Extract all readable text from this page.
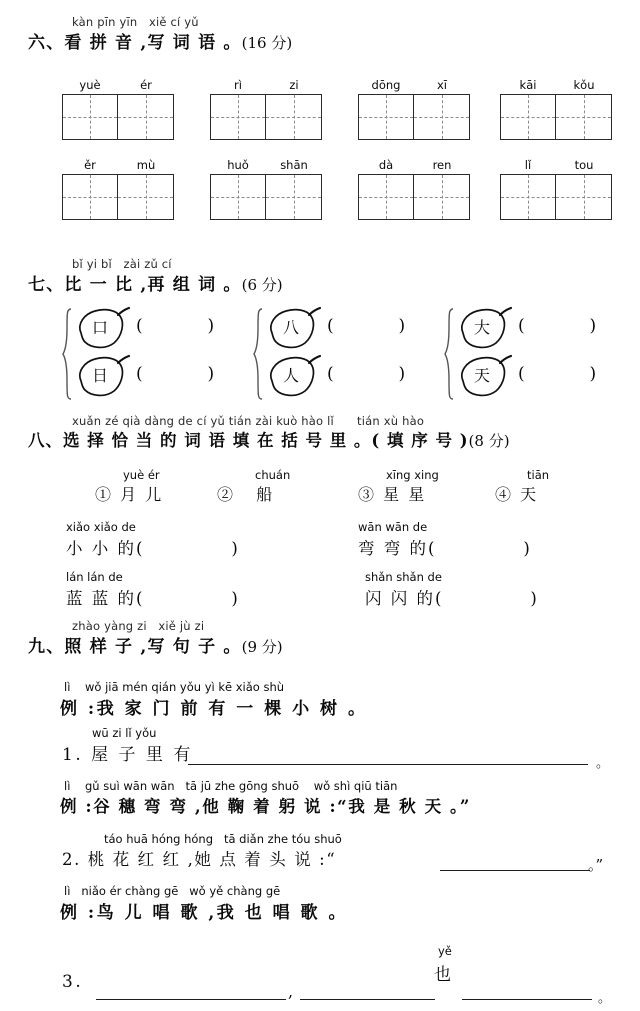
kàn pīn yīn   xiě cí yǔ
六、看 拼 音 ,写 词 语 。(16 分)
yuè	ér	rì	zi	dōng	xī	kāi	kǒu
ěr	mù	huǒ	shān	dà	ren	lǐ	tou
bǐ yi bǐ   zài zǔ cí
七、比 一 比 ,再 组 词 。(6 分)
口 (            )
日 (            )
八 (            )
人 (            )
大 (            )
天 (            )
xuǎn zé qià dàng de cí yǔ tián zài kuò hào lǐ      tián xù hào
八、选 择 恰 当 的 词 语 填 在 括 号 里 。( 填 序 号 )(8 分)
yuè ér
① 月 儿
chuán
② 船
xīng xing
③ 星 星
tiān
④ 天
xiǎo xiǎo de
小 小 的(            )
wān wān de
弯 弯 的(            )
lán lán de
蓝 蓝 的(            )
shǎn shǎn de
闪 闪 的(            )
zhào yàng zi   xiě jù zi
九、照 样 子 ,写 句 子 。(9 分)
lì    wǒ jiā mén qián yǒu yì kē xiǎo shù
例 :我 家 门 前 有 一 棵 小 树 。
wū zi lǐ yǒu
1. 屋 子 里 有	。
lì    gǔ suì wān wān   tā jū zhe gōng shuō    wǒ shì qiū tiān
例 :谷 穗 弯 弯 ,他 鞠 着 躬 说 :“我 是 秋 天 。”
táo huā hóng hóng   tā diǎn zhe tóu shuō
2. 桃 花 红 红 ,她 点 着 头 说 :“	。”
lì   niǎo ér chàng gē   wǒ yě chàng gē
例 :鸟 儿 唱 歌 ,我 也 唱 歌 。
3.	,
yě
也
。
